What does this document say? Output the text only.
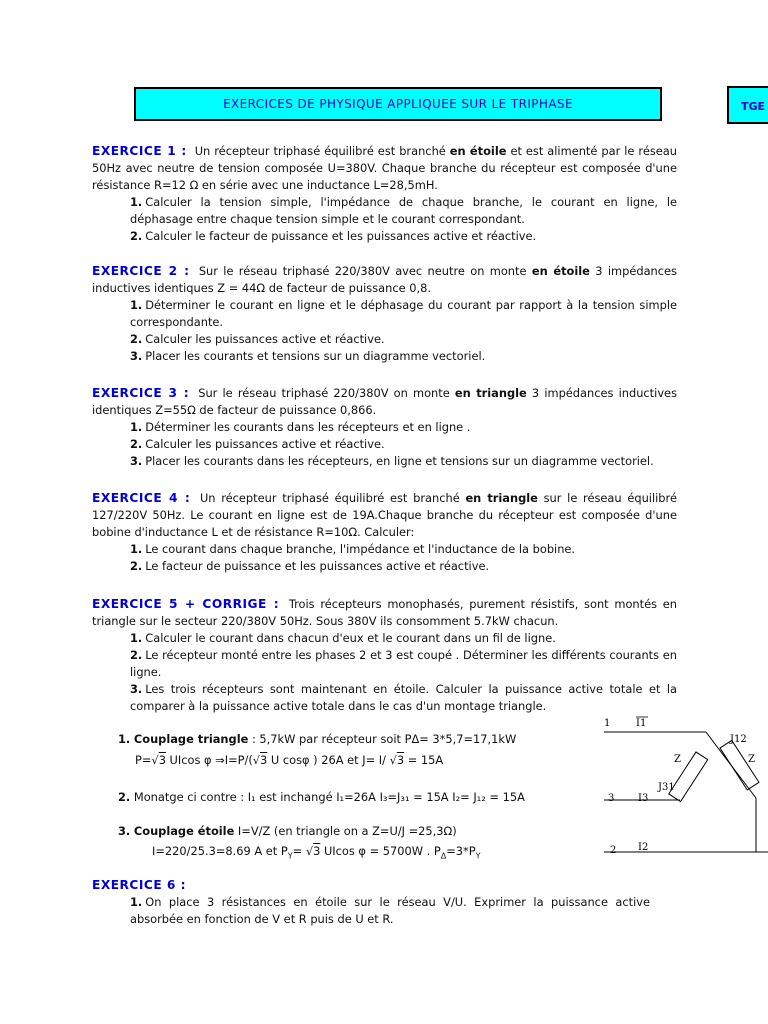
EXERCICES DE PHYSIQUE APPLIQUEE SUR LE TRIPHASE	TGE

EXERCICE 1 : Un récepteur triphasé équilibré est branché en étoile et est alimenté par le réseau 50Hz avec neutre de tension composée U=380V. Chaque branche du récepteur est composée d'une résistance R=12 Ω en série avec une inductance L=28,5mH.

1. Calculer la tension simple, l'impédance de chaque branche, le courant en ligne, le déphasage entre chaque tension simple et le courant correspondant.

2. Calculer le facteur de puissance et les puissances active et réactive.

EXERCICE 2 : Sur le réseau triphasé 220/380V avec neutre on monte en étoile 3 impédances inductives identiques Z = 44Ω de facteur de puissance 0,8.

1. Déterminer le courant en ligne et le déphasage du courant par rapport à la tension simple correspondante.

2. Calculer les puissances active et réactive.

3. Placer les courants et tensions sur un diagramme vectoriel.

EXERCICE 3 : Sur le réseau triphasé 220/380V on monte en triangle 3 impédances inductives identiques Z=55Ω de facteur de puissance 0,866.

1. Déterminer les courants dans les récepteurs et en ligne .

2. Calculer les puissances active et réactive.

3. Placer les courants dans les récepteurs, en ligne et tensions sur un diagramme vectoriel.

EXERCICE 4 : Un récepteur triphasé équilibré est branché en triangle sur le réseau équilibré 127/220V 50Hz. Le courant en ligne est de 19A.Chaque branche du récepteur est composée d'une bobine d'inductance L et de résistance R=10Ω. Calculer:

1. Le courant dans chaque branche, l'impédance et l'inductance de la bobine.

2. Le facteur de puissance et les puissances active et réactive.

EXERCICE 5 + CORRIGE : Trois récepteurs monophasés, purement résistifs, sont montés en triangle sur le secteur 220/380V 50Hz. Sous 380V ils consomment 5.7kW chacun.

1. Calculer le courant dans chacun d'eux et le courant dans un fil de ligne.

2. Le récepteur monté entre les phases 2 et 3 est coupé . Déterminer les différents courants en ligne.

3. Les trois récepteurs sont maintenant en étoile. Calculer la puissance active totale et la comparer à la puissance active totale dans le cas d'un montage triangle.

1. Couplage triangle : 5,7kW par récepteur soit PΔ= 3*5,7=17,1kW
P=√3 UIcos φ ⇒I=P/(√3 U cosφ ) 26A et J= I/ √3 = 15A
2. Monatge ci contre : I₁ est inchangé I₁=26A I₃=J₃₁ = 15A I₂= J₁₂ = 15A
3. Couplage étoile I=V/Z (en triangle on a Z=U/J =25,3Ω)
I=220/25.3=8.69 A et $P_Y= √3$ UIcos φ = 5700W . $P_\Delta=3*P_Y$
1	I1
Z	Z
J12
J31
3 I3
2 I2

EXERCICE 6 :

1. On place 3 résistances en étoile sur le réseau V/U. Exprimer la puissance active absorbée en fonction de V et R puis de U et R.
